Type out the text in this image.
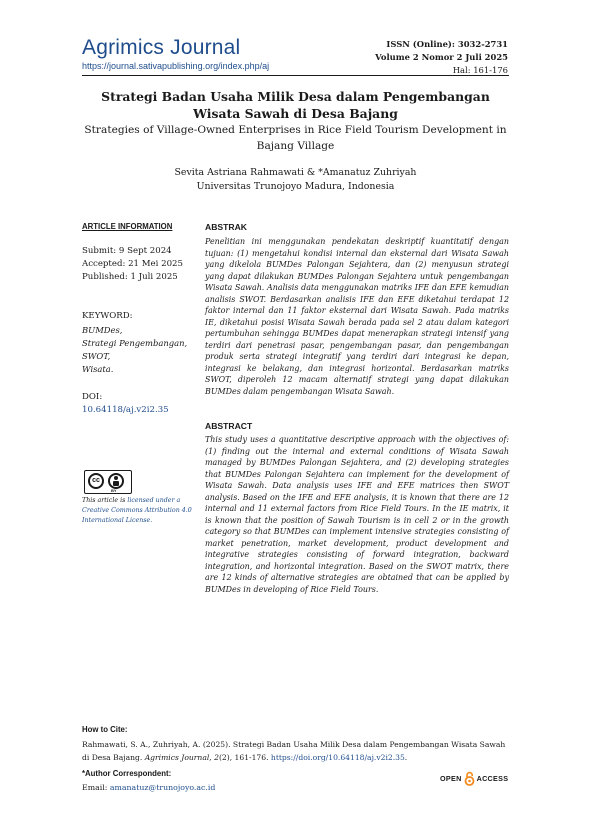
Agrimics Journal
https://journal.sativapublishing.org/index.php/aj
ISSN (Online): 3032-2731
Volume 2 Nomor 2 Juli 2025
Hal: 161-176
Strategi Badan Usaha Milik Desa dalam Pengembangan Wisata Sawah di Desa Bajang
Strategies of Village-Owned Enterprises in Rice Field Tourism Development in Bajang Village
Sevita Astriana Rahmawati & *Amanatuz Zuhriyah
Universitas Trunojoyo Madura, Indonesia
ARTICLE INFORMATION
Submit: 9 Sept 2024
Accepted: 21 Mei 2025
Published: 1 Juli 2025
KEYWORD:
BUMDes,
Strategi Pengembangan,
SWOT,
Wisata.
DOI:
10.64118/aj.v2i2.35
cc
BY
This article is licensed under a Creative Commons Attribution 4.0 International License.
ABSTRAK
Penelitian ini menggunakan pendekatan deskriptif kuantitatif dengan tujuan: (1) mengetahui kondisi internal dan eksternal dari Wisata Sawah yang dikelola BUMDes Palongan Sejahtera, dan (2) menyusun strategi yang dapat dilakukan BUMDes Palongan Sejahtera untuk pengembangan Wisata Sawah. Analisis data menggunakan matriks IFE dan EFE kemudian analisis SWOT. Berdasarkan analisis IFE dan EFE diketahui terdapat 12 faktor internal dan 11 faktor eksternal dari Wisata Sawah. Pada matriks IE, diketahui posisi Wisata Sawah berada pada sel 2 atau dalam kategori pertumbuhan sehingga BUMDes dapat menerapkan strategi intensif yang terdiri dari penetrasi pasar, pengembangan pasar, dan pengembangan produk serta strategi integratif yang terdiri dari integrasi ke depan, integrasi ke belakang, dan integrasi horizontal. Berdasarkan matriks SWOT, diperoleh 12 macam alternatif strategi yang dapat dilakukan BUMDes dalam pengembangan Wisata Sawah.
ABSTRACT
This study uses a quantitative descriptive approach with the objectives of: (1) finding out the internal and external conditions of Wisata Sawah managed by BUMDes Palongan Sejahtera, and (2) developing strategies that BUMDes Palongan Sejahtera can implement for the development of Wisata Sawah. Data analysis uses IFE and EFE matrices then SWOT analysis. Based on the IFE and EFE analysis, it is known that there are 12 internal and 11 external factors from Rice Field Tours. In the IE matrix, it is known that the position of Sawah Tourism is in cell 2 or in the growth category so that BUMDes can implement intensive strategies consisting of market penetration, market development, product development and integrative strategies consisting of forward integration, backward integration, and horizontal integration. Based on the SWOT matrix, there are 12 kinds of alternative strategies are obtained that can be applied by BUMDes in developing of Rice Field Tours.
How to Cite:
Rahmawati, S. A., Zuhriyah, A. (2025). Strategi Badan Usaha Milik Desa dalam Pengembangan Wisata Sawah di Desa Bajang. Agrimics Journal, 2(2), 161-176. https://doi.org/10.64118/aj.v2i2.35.
*Author Correspondent:
Email: amanatuz@trunojoyo.ac.id
OPEN ACCESS
